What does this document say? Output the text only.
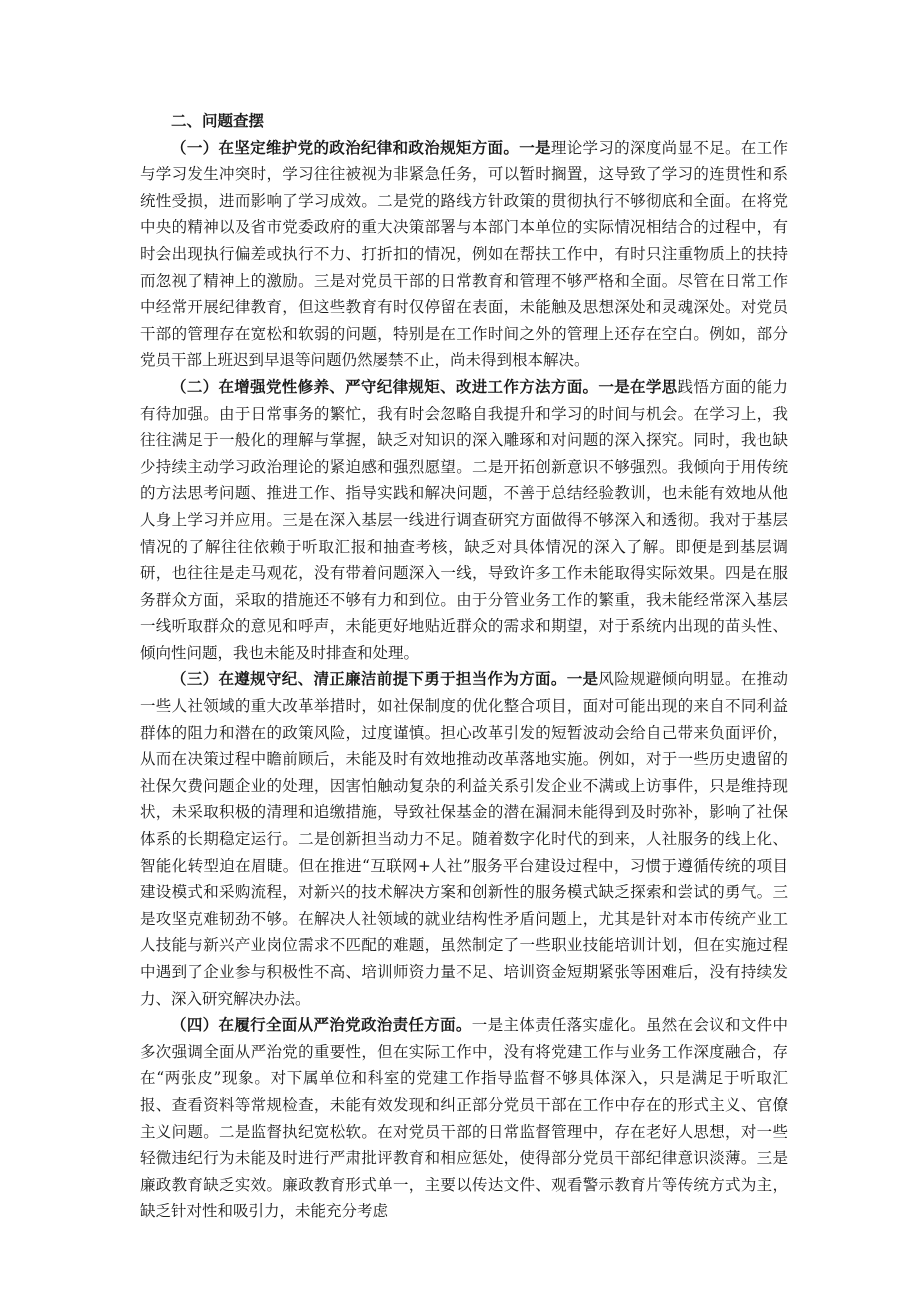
二、问题查摆

（一）在坚定维护党的政治纪律和政治规矩方面。一是理论学习的深度尚显不足。在工作与学习发生冲突时，学习往往被视为非紧急任务，可以暂时搁置，这导致了学习的连贯性和系统性受损，进而影响了学习成效。二是党的路线方针政策的贯彻执行不够彻底和全面。在将党中央的精神以及省市党委政府的重大决策部署与本部门本单位的实际情况相结合的过程中，有时会出现执行偏差或执行不力、打折扣的情况，例如在帮扶工作中，有时只注重物质上的扶持而忽视了精神上的激励。三是对党员干部的日常教育和管理不够严格和全面。尽管在日常工作中经常开展纪律教育，但这些教育有时仅停留在表面，未能触及思想深处和灵魂深处。对党员干部的管理存在宽松和软弱的问题，特别是在工作时间之外的管理上还存在空白。例如，部分党员干部上班迟到早退等问题仍然屡禁不止，尚未得到根本解决。

（二）在增强党性修养、严守纪律规矩、改进工作方法方面。一是在学思践悟方面的能力有待加强。由于日常事务的繁忙，我有时会忽略自我提升和学习的时间与机会。在学习上，我往往满足于一般化的理解与掌握，缺乏对知识的深入雕琢和对问题的深入探究。同时，我也缺少持续主动学习政治理论的紧迫感和强烈愿望。二是开拓创新意识不够强烈。我倾向于用传统的方法思考问题、推进工作、指导实践和解决问题，不善于总结经验教训，也未能有效地从他人身上学习并应用。三是在深入基层一线进行调查研究方面做得不够深入和透彻。我对于基层情况的了解往往依赖于听取汇报和抽查考核，缺乏对具体情况的深入了解。即便是到基层调研，也往往是走马观花，没有带着问题深入一线，导致许多工作未能取得实际效果。四是在服务群众方面，采取的措施还不够有力和到位。由于分管业务工作的繁重，我未能经常深入基层一线听取群众的意见和呼声，未能更好地贴近群众的需求和期望，对于系统内出现的苗头性、倾向性问题，我也未能及时排查和处理。

（三）在遵规守纪、清正廉洁前提下勇于担当作为方面。一是风险规避倾向明显。在推动一些人社领域的重大改革举措时，如社保制度的优化整合项目，面对可能出现的来自不同利益群体的阻力和潜在的政策风险，过度谨慎。担心改革引发的短暂波动会给自己带来负面评价，从而在决策过程中瞻前顾后，未能及时有效地推动改革落地实施。例如，对于一些历史遗留的社保欠费问题企业的处理，因害怕触动复杂的利益关系引发企业不满或上访事件，只是维持现状，未采取积极的清理和追缴措施，导致社保基金的潜在漏洞未能得到及时弥补，影响了社保体系的长期稳定运行。二是创新担当动力不足。随着数字化时代的到来，人社服务的线上化、智能化转型迫在眉睫。但在推进“互联网+人社”服务平台建设过程中，习惯于遵循传统的项目建设模式和采购流程，对新兴的技术解决方案和创新性的服务模式缺乏探索和尝试的勇气。三是攻坚克难韧劲不够。在解决人社领域的就业结构性矛盾问题上，尤其是针对本市传统产业工人技能与新兴产业岗位需求不匹配的难题，虽然制定了一些职业技能培训计划，但在实施过程中遇到了企业参与积极性不高、培训师资力量不足、培训资金短期紧张等困难后，没有持续发力、深入研究解决办法。

（四）在履行全面从严治党政治责任方面。一是主体责任落实虚化。虽然在会议和文件中多次强调全面从严治党的重要性，但在实际工作中，没有将党建工作与业务工作深度融合，存在“两张皮”现象。对下属单位和科室的党建工作指导监督不够具体深入，只是满足于听取汇报、查看资料等常规检查，未能有效发现和纠正部分党员干部在工作中存在的形式主义、官僚主义问题。二是监督执纪宽松软。在对党员干部的日常监督管理中，存在老好人思想，对一些轻微违纪行为未能及时进行严肃批评教育和相应惩处，使得部分党员干部纪律意识淡薄。三是廉政教育缺乏实效。廉政教育形式单一，主要以传达文件、观看警示教育片等传统方式为主，缺乏针对性和吸引力，未能充分考虑
